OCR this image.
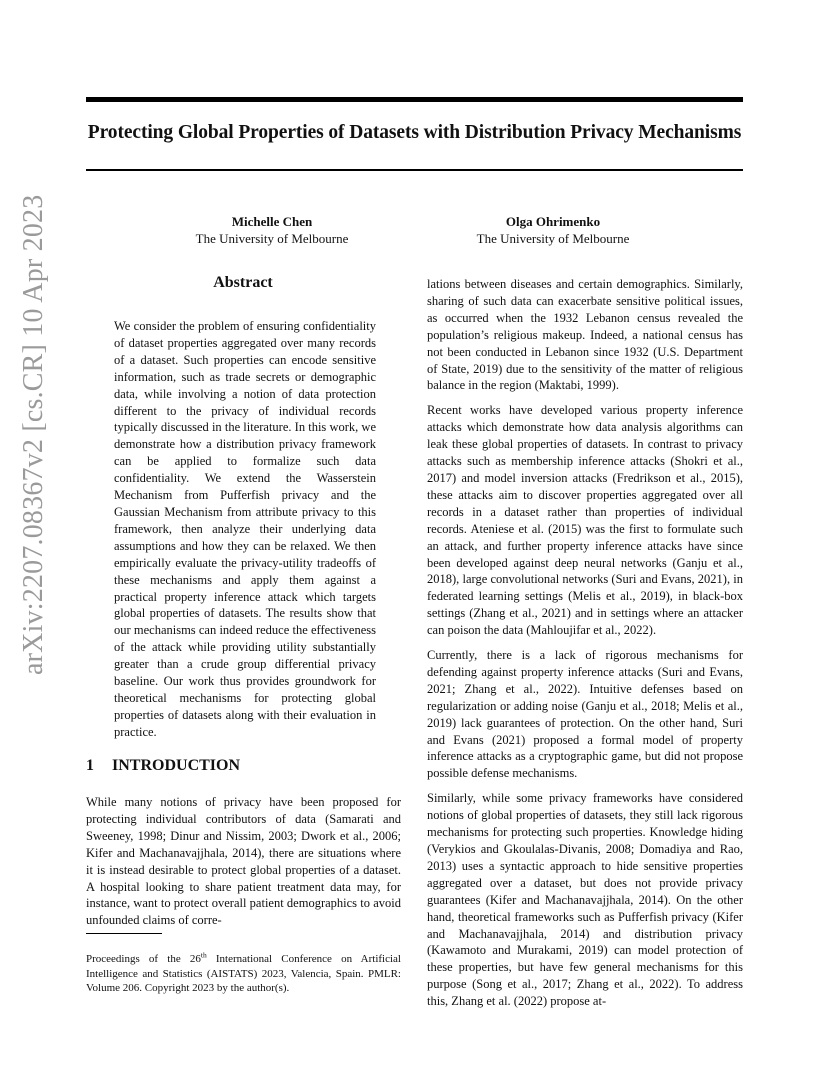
Protecting Global Properties of Datasets with Distribution Privacy Mechanisms
Michelle Chen
The University of Melbourne
Olga Ohrimenko
The University of Melbourne
arXiv:2207.08367v2 [cs.CR] 10 Apr 2023	Abstract
We consider the problem of ensuring confidentiality of dataset properties aggregated over many records of a dataset. Such properties can encode sensitive information, such as trade secrets or demographic data, while involving a notion of data protection different to the privacy of individual records typically discussed in the literature. In this work, we demonstrate how a distribution privacy framework can be applied to formalize such data confidentiality. We extend the Wasserstein Mechanism from Pufferfish privacy and the Gaussian Mechanism from attribute privacy to this framework, then analyze their underlying data assumptions and how they can be relaxed. We then empirically evaluate the privacy-utility tradeoffs of these mechanisms and apply them against a practical property inference attack which targets global properties of datasets. The results show that our mechanisms can indeed reduce the effectiveness of the attack while providing utility substantially greater than a crude group differential privacy baseline. Our work thus provides groundwork for theoretical mechanisms for protecting global properties of datasets along with their evaluation in practice.
1 INTRODUCTION
While many notions of privacy have been proposed for protecting individual contributors of data (Samarati and Sweeney, 1998; Dinur and Nissim, 2003; Dwork et al., 2006; Kifer and Machanavajjhala, 2014), there are situations where it is instead desirable to protect global properties of a dataset. A hospital looking to share patient treatment data may, for instance, want to protect overall patient demographics to avoid unfounded claims of corre-

lations between diseases and certain demographics. Similarly, sharing of such data can exacerbate sensitive political issues, as occurred when the 1932 Lebanon census revealed the population’s religious makeup. Indeed, a national census has not been conducted in Lebanon since 1932 (U.S. Department of State, 2019) due to the sensitivity of the matter of religious balance in the region (Maktabi, 1999).

Recent works have developed various property inference attacks which demonstrate how data analysis algorithms can leak these global properties of datasets. In contrast to privacy attacks such as membership inference attacks (Shokri et al., 2017) and model inversion attacks (Fredrikson et al., 2015), these attacks aim to discover properties aggregated over all records in a dataset rather than properties of individual records. Ateniese et al. (2015) was the first to formulate such an attack, and further property inference attacks have since been developed against deep neural networks (Ganju et al., 2018), large convolutional networks (Suri and Evans, 2021), in federated learning settings (Melis et al., 2019), in black-box settings (Zhang et al., 2021) and in settings where an attacker can poison the data (Mahloujifar et al., 2022).

Currently, there is a lack of rigorous mechanisms for defending against property inference attacks (Suri and Evans, 2021; Zhang et al., 2022). Intuitive defenses based on regularization or adding noise (Ganju et al., 2018; Melis et al., 2019) lack guarantees of protection. On the other hand, Suri and Evans (2021) proposed a formal model of property inference attacks as a cryptographic game, but did not propose possible defense mechanisms.

Similarly, while some privacy frameworks have considered notions of global properties of datasets, they still lack rigorous mechanisms for protecting such properties. Knowledge hiding (Verykios and Gkoulalas-Divanis, 2008; Domadiya and Rao, 2013) uses a syntactic approach to hide sensitive properties aggregated over a dataset, but does not provide privacy guarantees (Kifer and Machanavajjhala, 2014). On the other hand, theoretical frameworks such as Pufferfish privacy (Kifer and Machanavajjhala, 2014) and distribution privacy (Kawamoto and Murakami, 2019) can model protection of these properties, but have few general mechanisms for this purpose (Song et al., 2017; Zhang et al., 2022). To address this, Zhang et al. (2022) propose at-

Proceedings of the 26th International Conference on Artificial Intelligence and Statistics (AISTATS) 2023, Valencia, Spain. PMLR: Volume 206. Copyright 2023 by the author(s).
